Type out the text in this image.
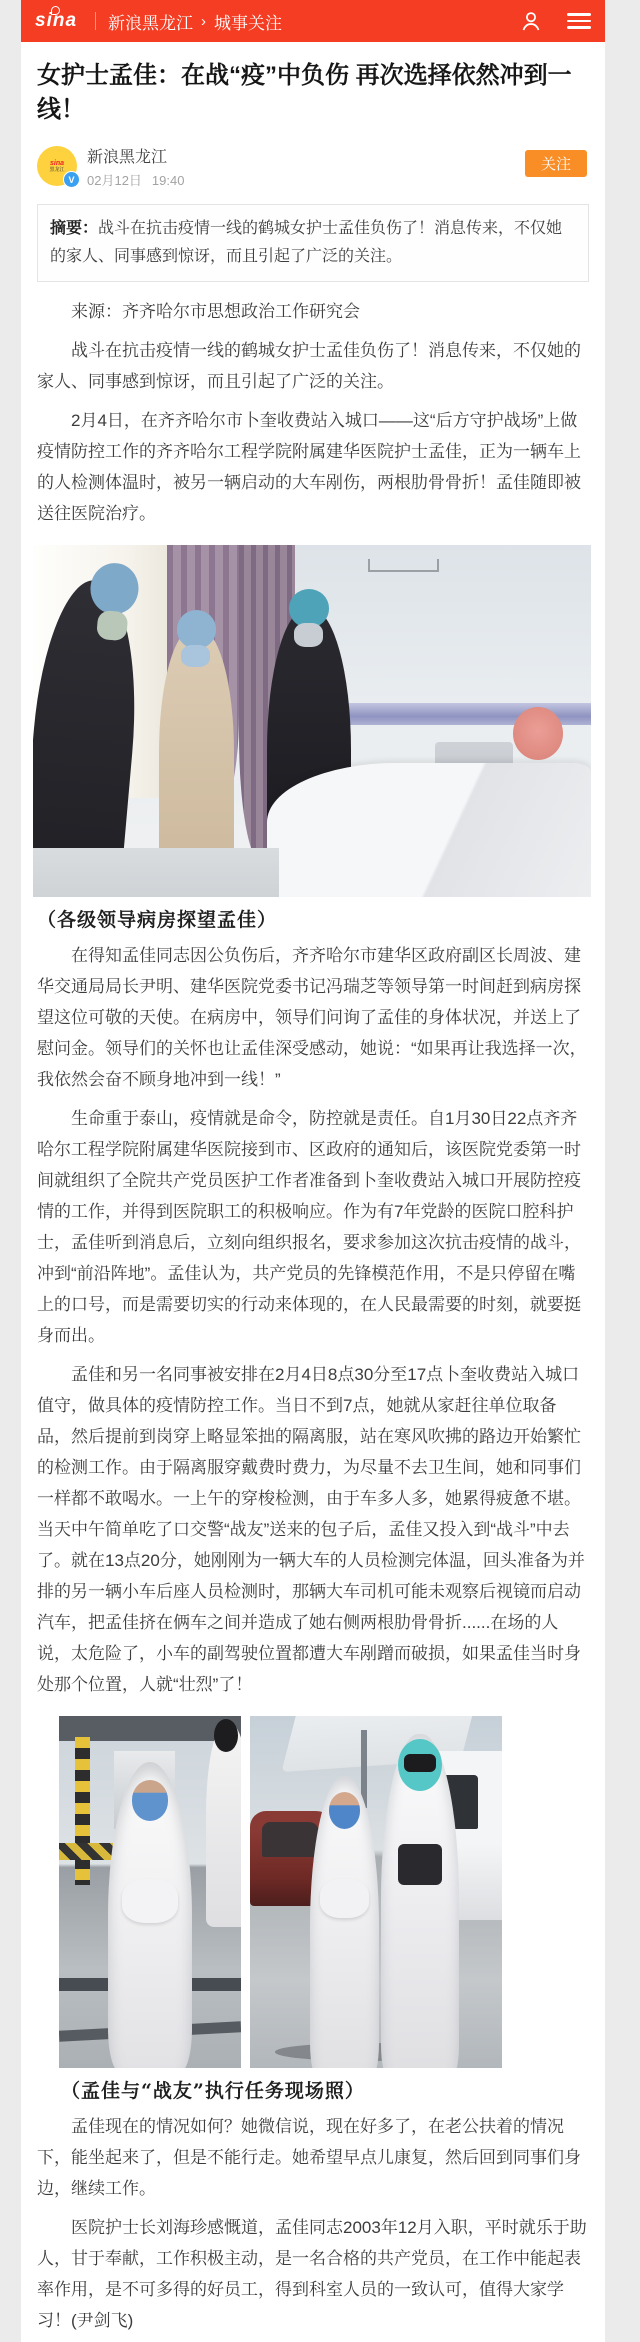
sina	新浪黑龙江 › 城事关注
女护士孟佳：在战“疫”中负伤 再次选择依然冲到一线！
sina
黑龙江
V
新浪黑龙江
02月12日 19:40
关注
摘要：战斗在抗击疫情一线的鹤城女护士孟佳负伤了！消息传来，不仅她的家人、同事感到惊讶，而且引起了广泛的关注。

来源：齐齐哈尔市思想政治工作研究会

战斗在抗击疫情一线的鹤城女护士孟佳负伤了！消息传来，不仅她的家人、同事感到惊讶，而且引起了广泛的关注。

2月4日，在齐齐哈尔市卜奎收费站入城口——这“后方守护战场”上做疫情防控工作的齐齐哈尔工程学院附属建华医院护士孟佳，正为一辆车上的人检测体温时，被另一辆启动的大车剐伤，两根肋骨骨折！孟佳随即被送往医院治疗。

（各级领导病房探望孟佳）

在得知孟佳同志因公负伤后，齐齐哈尔市建华区政府副区长周波、建华交通局局长尹明、建华医院党委书记冯瑞芝等领导第一时间赶到病房探望这位可敬的天使。在病房中，领导们问询了孟佳的身体状况，并送上了慰问金。领导们的关怀也让孟佳深受感动，她说：“如果再让我选择一次，我依然会奋不顾身地冲到一线！”

生命重于泰山，疫情就是命令，防控就是责任。自1月30日22点齐齐哈尔工程学院附属建华医院接到市、区政府的通知后，该医院党委第一时间就组织了全院共产党员医护工作者准备到卜奎收费站入城口开展防控疫情的工作，并得到医院职工的积极响应。作为有7年党龄的医院口腔科护士，孟佳听到消息后，立刻向组织报名，要求参加这次抗击疫情的战斗，冲到“前沿阵地”。孟佳认为，共产党员的先锋模范作用，不是只停留在嘴上的口号，而是需要切实的行动来体现的，在人民最需要的时刻，就要挺身而出。

孟佳和另一名同事被安排在2月4日8点30分至17点卜奎收费站入城口值守，做具体的疫情防控工作。当日不到7点，她就从家赶往单位取备品，然后提前到岗穿上略显笨拙的隔离服，站在寒风吹拂的路边开始繁忙的检测工作。由于隔离服穿戴费时费力，为尽量不去卫生间，她和同事们一样都不敢喝水。一上午的穿梭检测，由于车多人多，她累得疲惫不堪。当天中午简单吃了口交警“战友”送来的包子后，孟佳又投入到“战斗”中去了。就在13点20分，她刚刚为一辆大车的人员检测完体温，回头准备为并排的另一辆小车后座人员检测时，那辆大车司机可能未观察后视镜而启动汽车，把孟佳挤在俩车之间并造成了她右侧两根肋骨骨折......在场的人说，太危险了，小车的副驾驶位置都遭大车剐蹭而破损，如果孟佳当时身处那个位置，人就“壮烈”了！

（孟佳与“战友”执行任务现场照）

孟佳现在的情况如何？她微信说，现在好多了，在老公扶着的情况下，能坐起来了，但是不能行走。她希望早点儿康复，然后回到同事们身边，继续工作。

医院护士长刘海珍感慨道，孟佳同志2003年12月入职，平时就乐于助人，甘于奉献，工作积极主动，是一名合格的共产党员，在工作中能起表率作用，是不可多得的好员工，得到科室人员的一致认可，值得大家学习！(尹剑飞)
